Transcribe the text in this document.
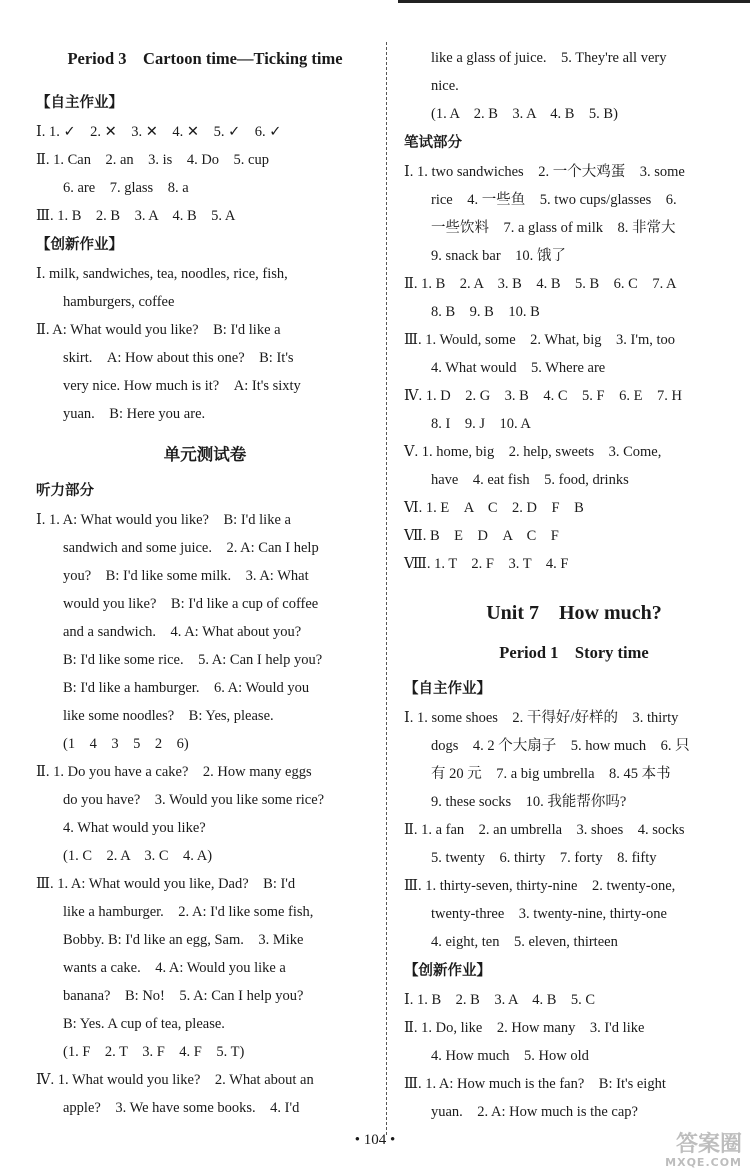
Period 3　Cartoon time—Ticking time
【自主作业】
Ⅰ. 1. ✓　2. ✕　3. ✕　4. ✕　5. ✓　6. ✓
Ⅱ. 1. Can　2. an　3. is　4. Do　5. cup
6. are　7. glass　8. a
Ⅲ. 1. B　2. B　3. A　4. B　5. A
【创新作业】
Ⅰ. milk, sandwiches, tea, noodles, rice, fish,
hamburgers, coffee
Ⅱ. A: What would you like?　B: I'd like a
skirt.　A: How about this one?　B: It's
very nice. How much is it?　A: It's sixty
yuan.　B: Here you are.
单元测试卷
听力部分
Ⅰ. 1. A: What would you like?　B: I'd like a
sandwich and some juice.　2. A: Can I help
you?　B: I'd like some milk.　3. A: What
would you like?　B: I'd like a cup of coffee
and a sandwich.　4. A: What about you?
B: I'd like some rice.　5. A: Can I help you?
B: I'd like a hamburger.　6. A: Would you
like some noodles?　B: Yes, please.
(1　4　3　5　2　6)
Ⅱ. 1. Do you have a cake?　2. How many eggs
do you have?　3. Would you like some rice?
4. What would you like?
(1. C　2. A　3. C　4. A)
Ⅲ. 1. A: What would you like, Dad?　B: I'd
like a hamburger.　2. A: I'd like some fish,
Bobby. B: I'd like an egg, Sam.　3. Mike
wants a cake.　4. A: Would you like a
banana?　B: No!　5. A: Can I help you?
B: Yes. A cup of tea, please.
(1. F　2. T　3. F　4. F　5. T)
Ⅳ. 1. What would you like?　2. What about an
apple?　3. We have some books.　4. I'd
like a glass of juice.　5. They're all very
nice.
(1. A　2. B　3. A　4. B　5. B)
笔试部分
Ⅰ. 1. two sandwiches　2. 一个大鸡蛋　3. some
rice　4. 一些鱼　5. two cups/glasses　6.
一些饮料　7. a glass of milk　8. 非常大
9. snack bar　10. 饿了
Ⅱ. 1. B　2. A　3. B　4. B　5. B　6. C　7. A
8. B　9. B　10. B
Ⅲ. 1. Would, some　2. What, big　3. I'm, too
4. What would　5. Where are
Ⅳ. 1. D　2. G　3. B　4. C　5. F　6. E　7. H
8. I　9. J　10. A
Ⅴ. 1. home, big　2. help, sweets　3. Come,
have　4. eat fish　5. food, drinks
Ⅵ. 1. E　A　C　2. D　F　B
Ⅶ. B　E　D　A　C　F
Ⅷ. 1. T　2. F　3. T　4. F
Unit 7　How much?
Period 1　Story time
【自主作业】
Ⅰ. 1. some shoes　2. 干得好/好样的　3. thirty
dogs　4. 2 个大扇子　5. how much　6. 只
有 20 元　7. a big umbrella　8. 45 本书
9. these socks　10. 我能帮你吗?
Ⅱ. 1. a fan　2. an umbrella　3. shoes　4. socks
5. twenty　6. thirty　7. forty　8. fifty
Ⅲ. 1. thirty-seven, thirty-nine　2. twenty-one,
twenty-three　3. twenty-nine, thirty-one
4. eight, ten　5. eleven, thirteen
【创新作业】
Ⅰ. 1. B　2. B　3. A　4. B　5. C
Ⅱ. 1. Do, like　2. How many　3. I'd like
4. How much　5. How old
Ⅲ. 1. A: How much is the fan?　B: It's eight
yuan.　2. A: How much is the cap?
• 104 •	答案圈
MXQE.COM
